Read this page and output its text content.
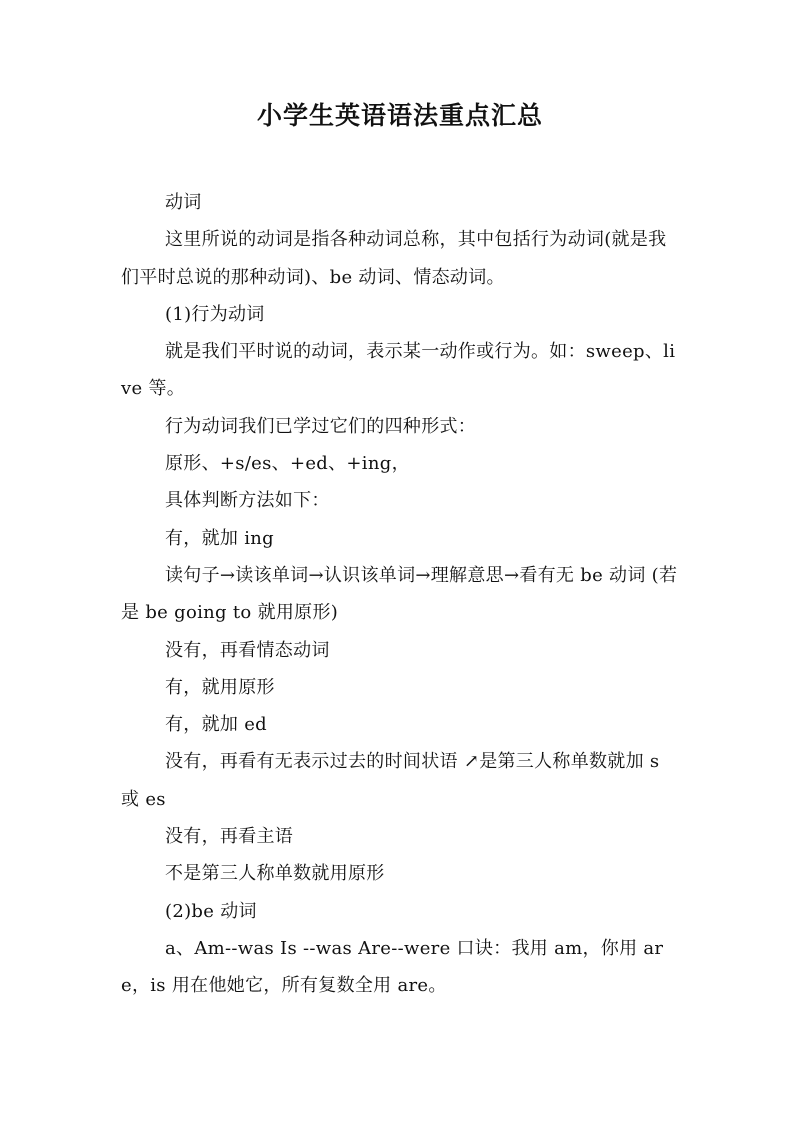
小学生英语语法重点汇总

动词

这里所说的动词是指各种动词总称，其中包括行为动词(就是我们平时总说的那种动词)、be 动词、情态动词。

(1)行为动词

就是我们平时说的动词，表示某一动作或行为。如：sweep、live 等。

行为动词我们已学过它们的四种形式：

原形、+s/es、+ed、+ing，

具体判断方法如下：

有，就加 ing

读句子→读该单词→认识该单词→理解意思→看有无 be 动词 (若是 be going to 就用原形)

没有，再看情态动词

有，就用原形

有，就加 ed

没有，再看有无表示过去的时间状语 ↗是第三人称单数就加 s 或 es

没有，再看主语

不是第三人称单数就用原形

(2)be 动词

a、Am--was Is --was Are--were 口诀：我用 am，你用 are，is 用在他她它，所有复数全用 are。
